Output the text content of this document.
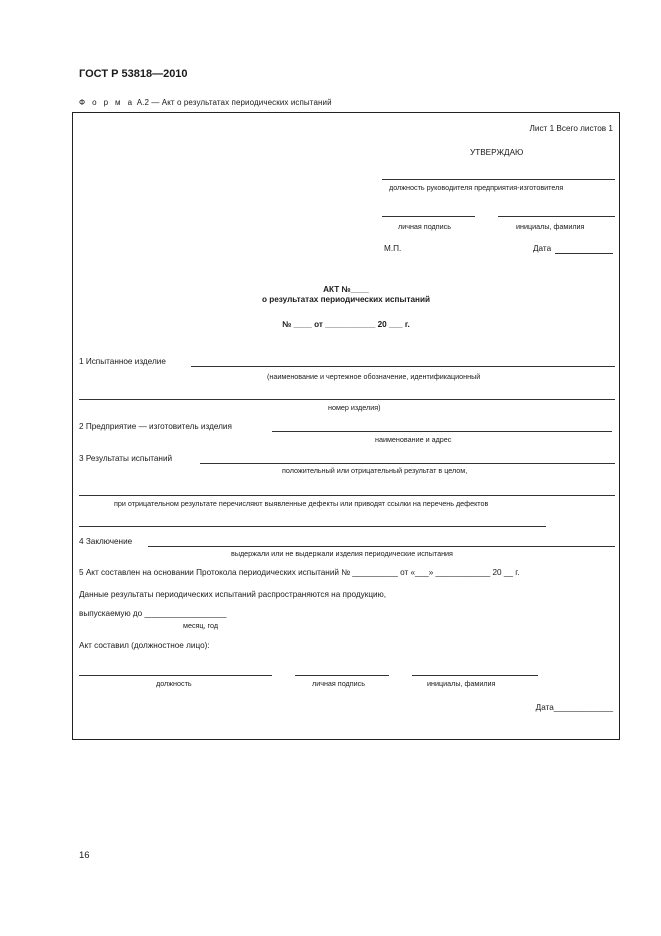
ГОСТ Р 53818—2010
Ф о р м а А.2 — Акт о результатах периодических испытаний
Лист 1 Всего листов 1
УТВЕРЖДАЮ
должность руководителя предприятия-изготовителя
личная подпись	инициалы, фамилия
М.П.	Дата
АКТ №____
о результатах периодических испытаний
№ ____ от ___________ 20 ___ г.
1 Испытанное изделие
(наименование и чертежное обозначение, идентификационный
номер изделия)
2 Предприятие — изготовитель изделия
наименование и адрес
3 Результаты испытаний
положительный или отрицательный результат в целом,
при отрицательном результате перечисляют выявленные дефекты или приводят ссылки на перечень дефектов
4 Заключение
выдержали или не выдержали изделия периодические испытания
5 Акт составлен на основании Протокола периодических испытаний № __________ от «___» ____________ 20 __ г.
Данные результаты периодических испытаний распространяются на продукцию,
выпускаемую до __________________
месяц, год
Акт составил (должностное лицо):
должность	личная подпись	инициалы, фамилия
Дата_____________
16
